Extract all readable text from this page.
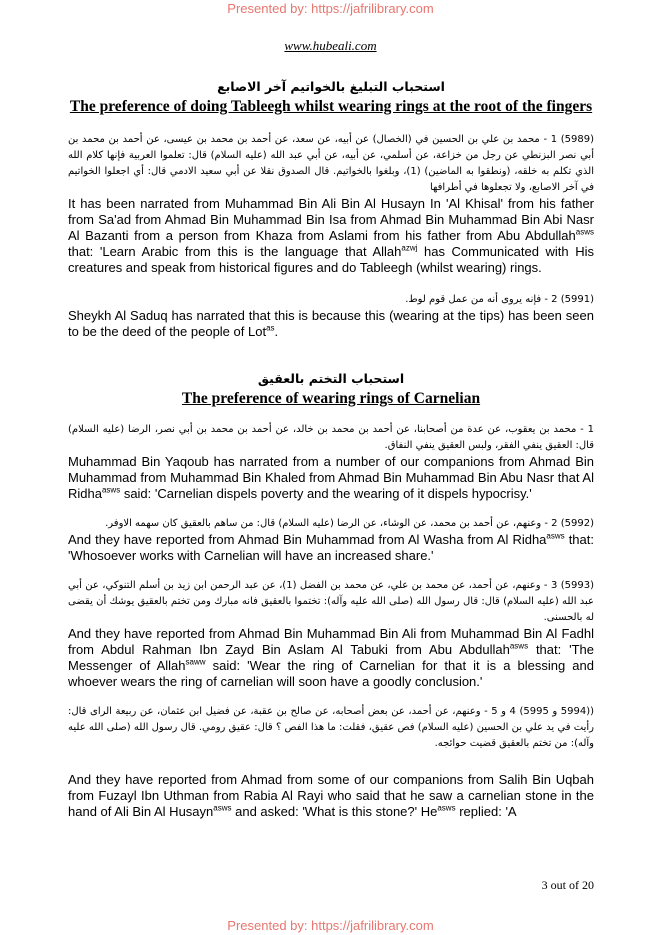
Presented by: https://jafrilibrary.com
www.hubeali.com

استحباب التبليغ بالخواتيم آخر الاصابع

The preference of doing Tableegh whilst wearing rings at the root of the fingers

(5989) 1 - محمد بن علي بن الحسين في (الخصال) عن أبيه، عن سعد، عن أحمد بن محمد بن عيسى، عن أحمد بن محمد بن أبي نصر البزنطي عن رجل من خزاعة، عن أسلمي، عن أبيه، عن أبي عبد الله (عليه السلام) قال: تعلموا العربية فإنها كلام الله الذي تكلم به خلقه، (ونطقوا به الماضين) (1)، وبلغوا بالخواتيم. قال الصدوق نقلا عن أبي سعيد الادمي قال: أي اجعلوا الخواتيم في آخر الاصابع، ولا تجعلوها في أطرافها

It has been narrated from Muhammad Bin Ali Bin Al Husayn In 'Al Khisal' from his father from Sa'ad from Ahmad Bin Muhammad Bin Isa from Ahmad Bin Muhammad Bin Abi Nasr Al Bazanti from a person from Khaza from Aslami from his father from Abu Abdullah$^{asws}$ that: 'Learn Arabic from this is the language that Allah$^{azwj}$ has Communicated with His creatures and speak from historical figures and do Tableegh (whilst wearing) rings.

(5991) 2 - فإنه يروى أنه من عمل قوم لوط.

Sheykh Al Saduq has narrated that this is because this (wearing at the tips) has been seen to be the deed of the people of Lot$^{as}$.

استحباب التختم بالعقيق

The preference of wearing rings of Carnelian

1 - محمد بن يعقوب، عن عدة من أصحابنا، عن أحمد بن محمد بن خالد، عن أحمد بن محمد بن أبي نصر، الرضا (عليه السلام) قال: العقيق ينفي الفقر، ولبس العقيق ينفي النفاق.

Muhammad Bin Yaqoub has narrated from a number of our companions from Ahmad Bin Muhammad from Muhammad Bin Khaled from Ahmad Bin Muhammad Bin Abu Nasr that Al Ridha$^{asws}$ said: 'Carnelian dispels poverty and the wearing of it dispels hypocrisy.'

(5992) 2 - وعنهم، عن أحمد بن محمد، عن الوشاء، عن الرضا (عليه السلام) قال: من ساهم بالعقيق كان سهمه الاوفر.

And they have reported from Ahmad Bin Muhammad from Al Washa from Al Ridha$^{asws}$ that: 'Whosoever works with Carnelian will have an increased share.'

(5993) 3 - وعنهم، عن أحمد، عن محمد بن علي، عن محمد بن الفضل (1)، عن عبد الرحمن ابن زيد بن أسلم التنوكي، عن أبي عبد الله (عليه السلام) قال: قال رسول الله (صلى الله عليه وآله): تختموا بالعقيق فانه مبارك ومن تختم بالعقيق يوشك أن يقضى له بالحسنى.

And they have reported from Ahmad Bin Muhammad Bin Ali from Muhammad Bin Al Fadhl from Abdul Rahman Ibn Zayd Bin Aslam Al Tabuki from Abu Abdullah$^{asws}$ that: 'The Messenger of Allah$^{saww}$ said: 'Wear the ring of Carnelian for that it is a blessing and whoever wears the ring of carnelian will soon have a goodly conclusion.'

((5994 و 5995) 4 و 5 - وعنهم، عن أحمد، عن بعض أصحابه، عن صالح بن عقبة، عن فضيل ابن عثمان، عن ربيعة الراى قال: رأيت في يد علي بن الحسين (عليه السلام) فص عقيق، فقلت: ما هذا الفص ؟ قال: عقيق رومي. قال رسول الله (صلى الله عليه وآله): من تختم بالعقيق قضيت حوائجه.

And they have reported from Ahmad from some of our companions from Salih Bin Uqbah from Fuzayl Ibn Uthman from Rabia Al Rayi who said that he saw a carnelian stone in the hand of Ali Bin Al Husayn$^{asws}$ and asked: 'What is this stone?' $He^{asws}$ replied: 'A

3 out of 20
Presented by: https://jafrilibrary.com
